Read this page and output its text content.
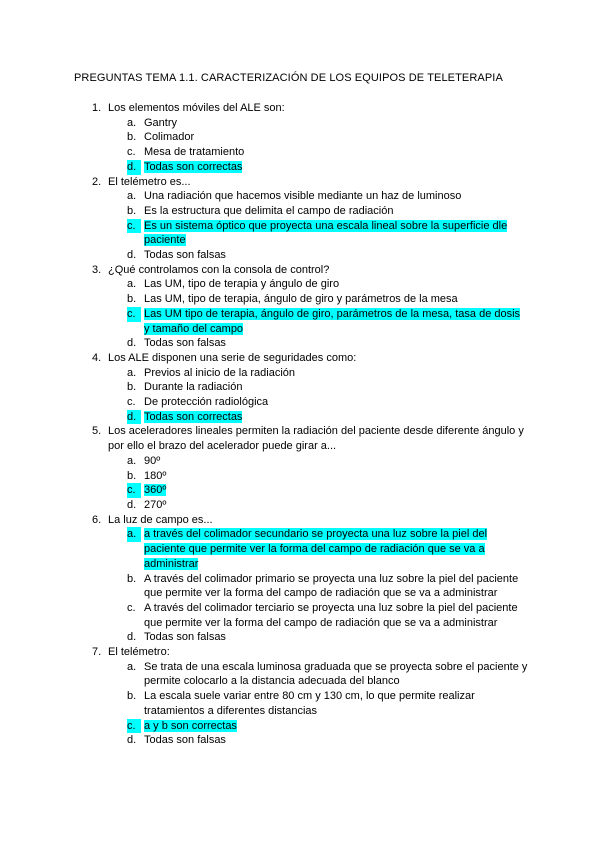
PREGUNTAS TEMA 1.1. CARACTERIZACIÓN DE LOS EQUIPOS DE TELETERAPIA
1. Los elementos móviles del ALE son:
a. Gantry
b. Colimador
c. Mesa de tratamiento
d. Todas son correctas
2. El telémetro es...
a. Una radiación que hacemos visible mediante un haz de luminoso
b. Es la estructura que delimita el campo de radiación
c. Es un sistema óptico que proyecta una escala lineal sobre la superficie dle paciente
d. Todas son falsas
3. ¿Qué controlamos con la consola de control?
a. Las UM, tipo de terapia y ángulo de giro
b. Las UM, tipo de terapia, ángulo de giro y parámetros de la mesa
c. Las UM tipo de terapia, ángulo de giro, parámetros de la mesa, tasa de dosis y tamaño del campo
d. Todas son falsas
4. Los ALE disponen una serie de seguridades como:
a. Previos al inicio de la radiación
b. Durante la radiación
c. De protección radiológica
d. Todas son correctas
5. Los aceleradores lineales permiten la radiación del paciente desde diferente ángulo y por ello el brazo del acelerador puede girar a...
a. 90º
b. 180º
c. 360º
d. 270º
6. La luz de campo es...
a. a través del colimador secundario se proyecta una luz sobre la piel del paciente que permite ver la forma del campo de radiación que se va a administrar
b. A través del colimador primario se proyecta una luz sobre la piel del paciente que permite ver la forma del campo de radiación que se va a administrar
c. A través del colimador terciario se proyecta una luz sobre la piel del paciente que permite ver la forma del campo de radiación que se va a administrar
d. Todas son falsas
7. El telémetro:
a. Se trata de una escala luminosa graduada que se proyecta sobre el paciente y permite colocarlo a la distancia adecuada del blanco
b. La escala suele variar entre 80 cm y 130 cm, lo que permite realizar tratamientos a diferentes distancias
c. a y b son correctas
d. Todas son falsas
